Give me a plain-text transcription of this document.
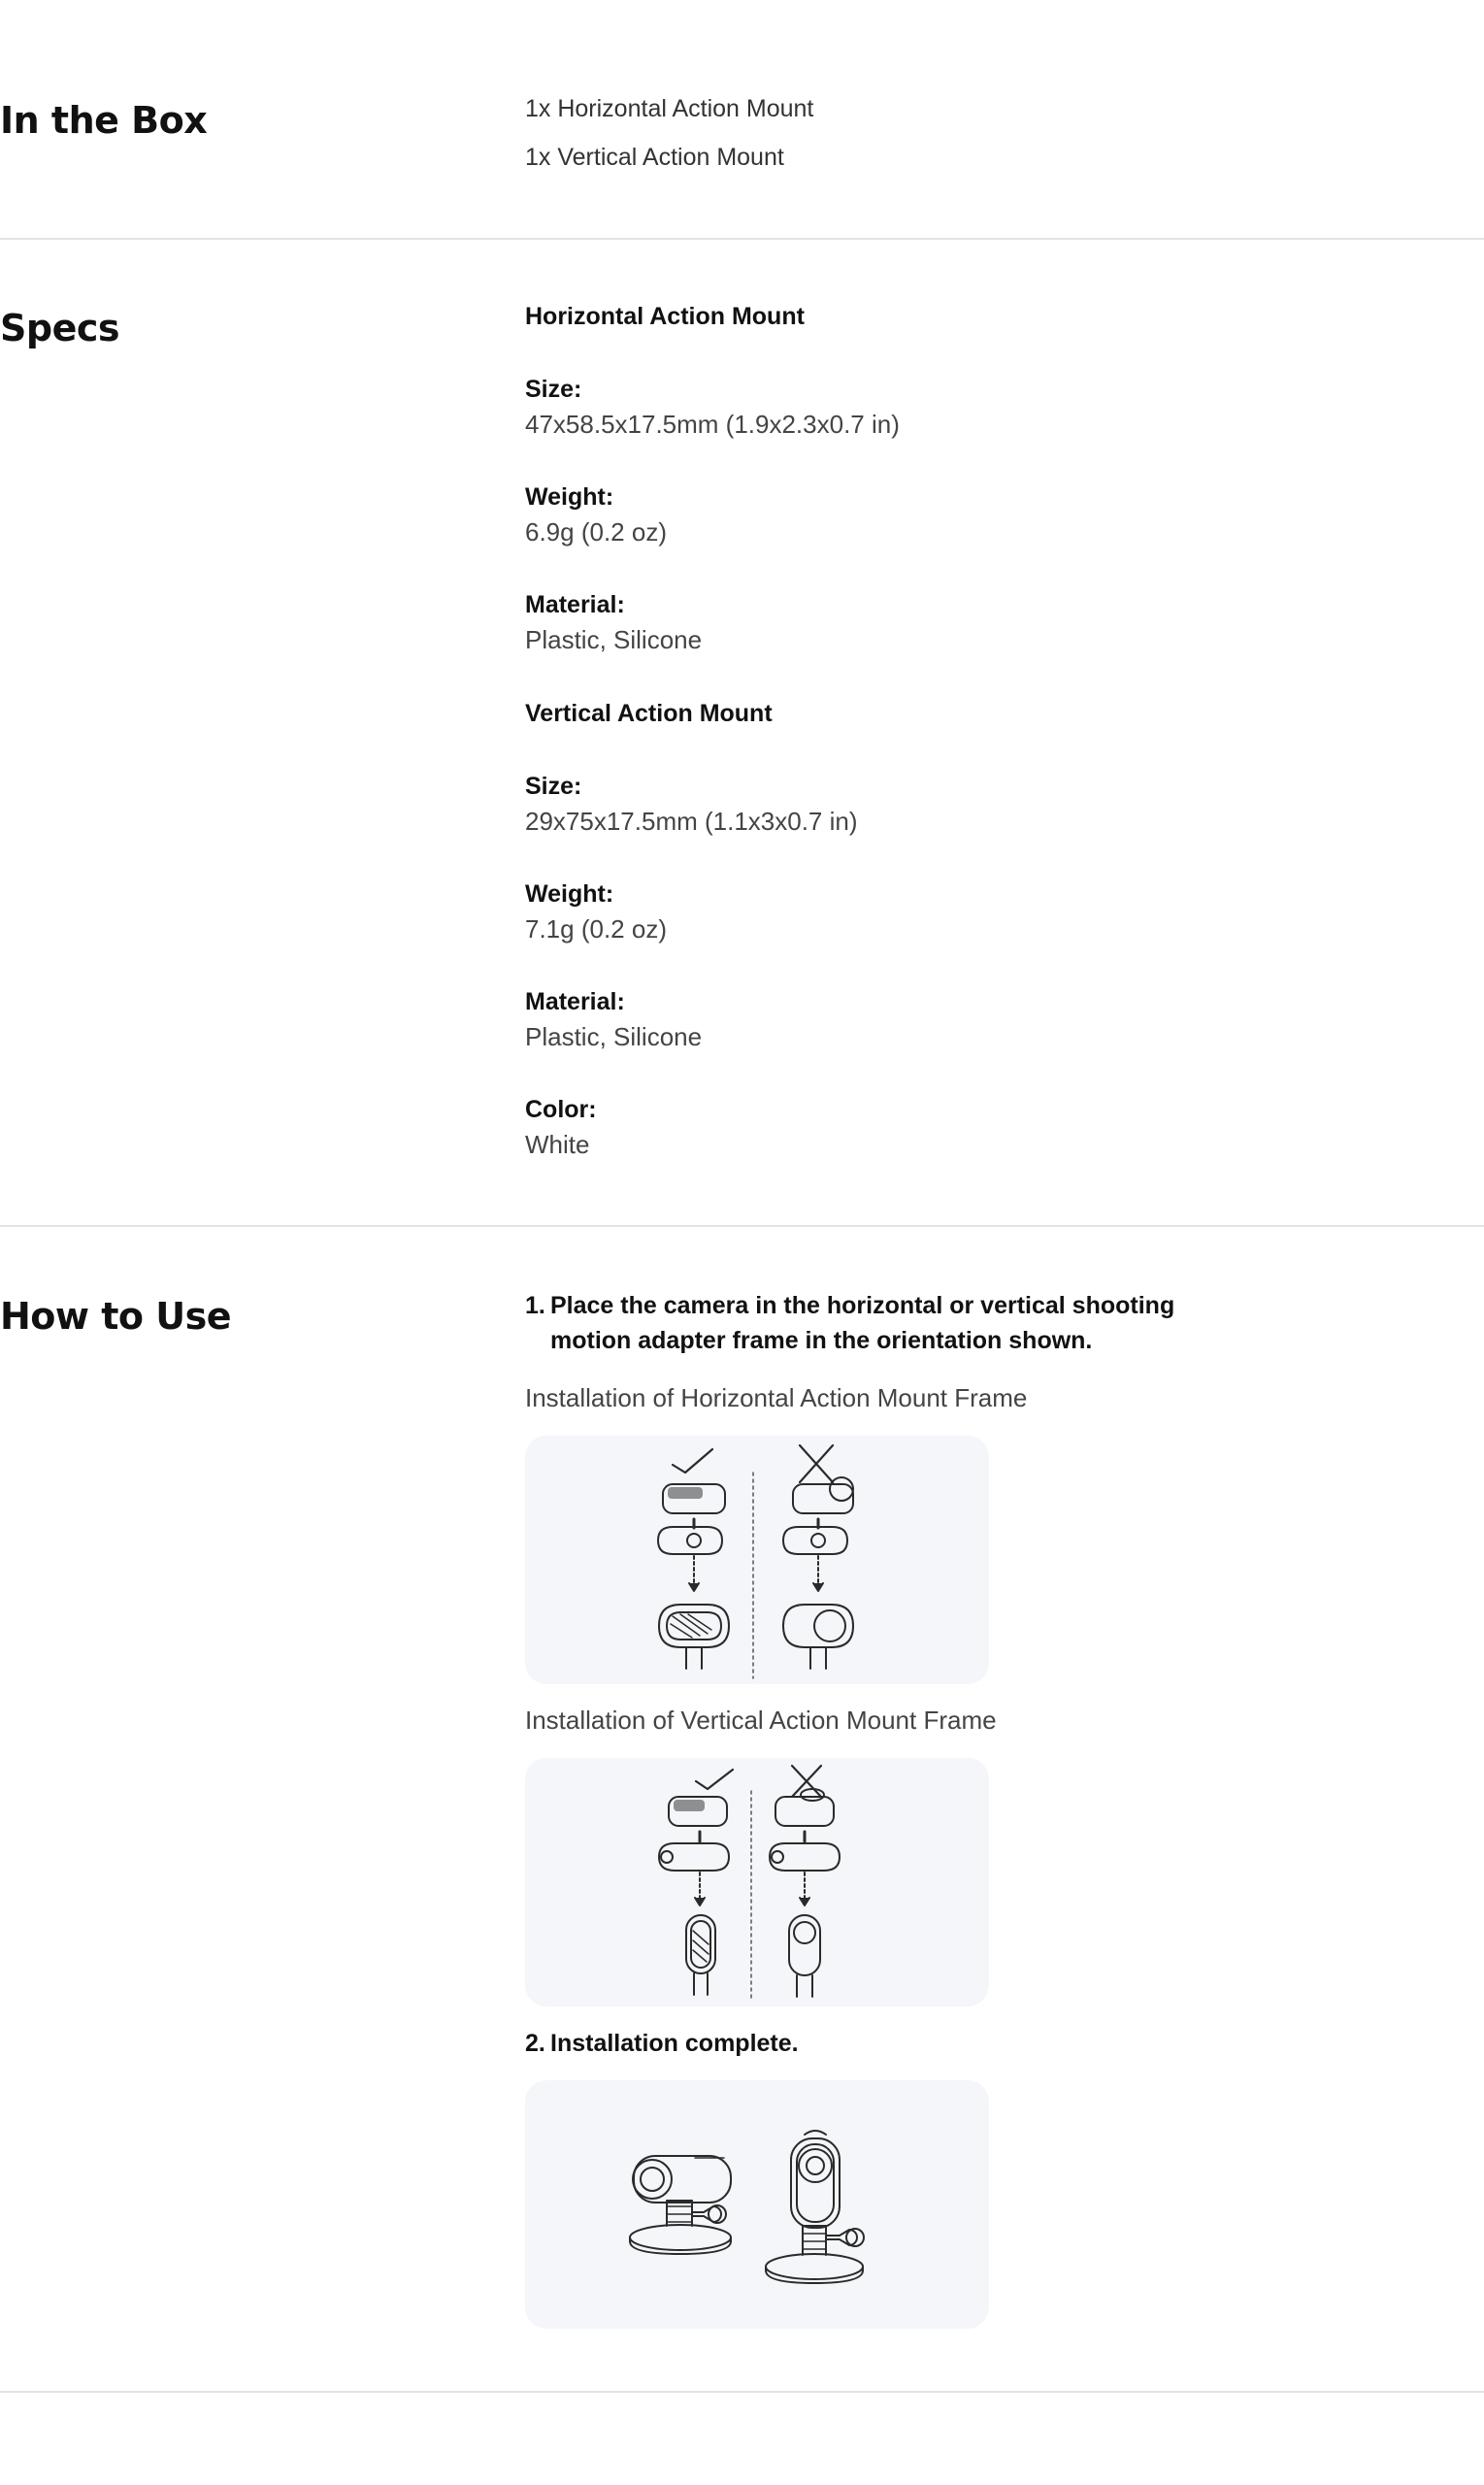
In the Box	1x Horizontal Action Mount
1x Vertical Action Mount
Specs	Horizontal Action Mount
Size:
47x58.5x17.5mm (1.9x2.3x0.7 in)
Weight:
6.9g (0.2 oz)
Material:
Plastic, Silicone
Vertical Action Mount
Size:
29x75x17.5mm (1.1x3x0.7 in)
Weight:
7.1g (0.2 oz)
Material:
Plastic, Silicone
Color:
White
How to Use	1. Place the camera in the horizontal or vertical shooting
motion adapter frame in the orientation shown.
Installation of Horizontal Action Mount Frame
Installation of Vertical Action Mount Frame
2. Installation complete.
